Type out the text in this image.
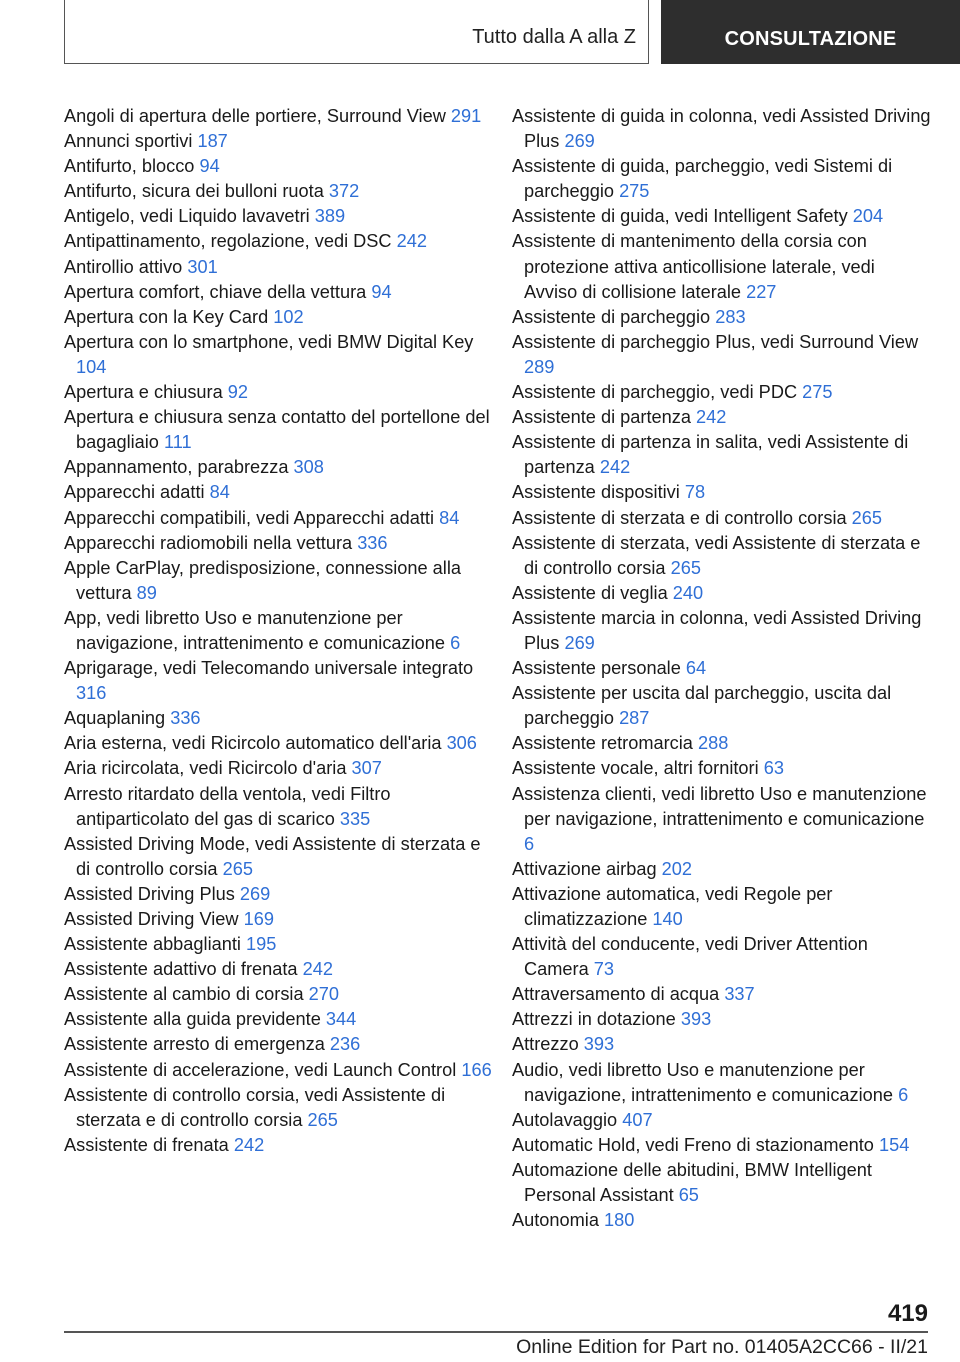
Tutto dalla A alla Z	CONSULTAZIONE

Angoli di apertura delle portiere, Surround View 291

Annunci sportivi 187

Antifurto, blocco 94

Antifurto, sicura dei bulloni ruota 372

Antigelo, vedi Liquido lavavetri 389

Antipattinamento, regolazione, vedi DSC 242

Antirollio attivo 301

Apertura comfort, chiave della vettura 94

Apertura con la Key Card 102

Apertura con lo smartphone, vedi BMW Digital Key 104

Apertura e chiusura 92

Apertura e chiusura senza contatto del portellone del bagagliaio 111

Appannamento, parabrezza 308

Apparecchi adatti 84

Apparecchi compatibili, vedi Apparecchi adatti 84

Apparecchi radiomobili nella vettura 336

Apple CarPlay, predisposizione, connessione alla vettura 89

App, vedi libretto Uso e manutenzione per navigazione, intrattenimento e comunicazione 6

Aprigarage, vedi Telecomando universale integrato 316

Aquaplaning 336

Aria esterna, vedi Ricircolo automatico dell'aria 306

Aria ricircolata, vedi Ricircolo d'aria 307

Arresto ritardato della ventola, vedi Filtro antiparticolato del gas di scarico 335

Assisted Driving Mode, vedi Assistente di sterzata e di controllo corsia 265

Assisted Driving Plus 269

Assisted Driving View 169

Assistente abbaglianti 195

Assistente adattivo di frenata 242

Assistente al cambio di corsia 270

Assistente alla guida previdente 344

Assistente arresto di emergenza 236

Assistente di accelerazione, vedi Launch Control 166

Assistente di controllo corsia, vedi Assistente di sterzata e di controllo corsia 265

Assistente di frenata 242

Assistente di guida in colonna, vedi Assisted Driving Plus 269

Assistente di guida, parcheggio, vedi Sistemi di parcheggio 275

Assistente di guida, vedi Intelligent Safety 204

Assistente di mantenimento della corsia con protezione attiva anticollisione laterale, vedi Avviso di collisione laterale 227

Assistente di parcheggio 283

Assistente di parcheggio Plus, vedi Surround View 289

Assistente di parcheggio, vedi PDC 275

Assistente di partenza 242

Assistente di partenza in salita, vedi Assistente di partenza 242

Assistente dispositivi 78

Assistente di sterzata e di controllo corsia 265

Assistente di sterzata, vedi Assistente di sterzata e di controllo corsia 265

Assistente di veglia 240

Assistente marcia in colonna, vedi Assisted Driving Plus 269

Assistente personale 64

Assistente per uscita dal parcheggio, uscita dal parcheggio 287

Assistente retromarcia 288

Assistente vocale, altri fornitori 63

Assistenza clienti, vedi libretto Uso e manutenzione per navigazione, intrattenimento e comunicazione 6

Attivazione airbag 202

Attivazione automatica, vedi Regole per climatizzazione 140

Attività del conducente, vedi Driver Attention Camera 73

Attraversamento di acqua 337

Attrezzi in dotazione 393

Attrezzo 393

Audio, vedi libretto Uso e manutenzione per navigazione, intrattenimento e comunicazione 6

Autolavaggio 407

Automatic Hold, vedi Freno di stazionamento 154

Automazione delle abitudini, BMW Intelligent Personal Assistant 65

Autonomia 180

419
Online Edition for Part no. 01405A2CC66 - II/21
